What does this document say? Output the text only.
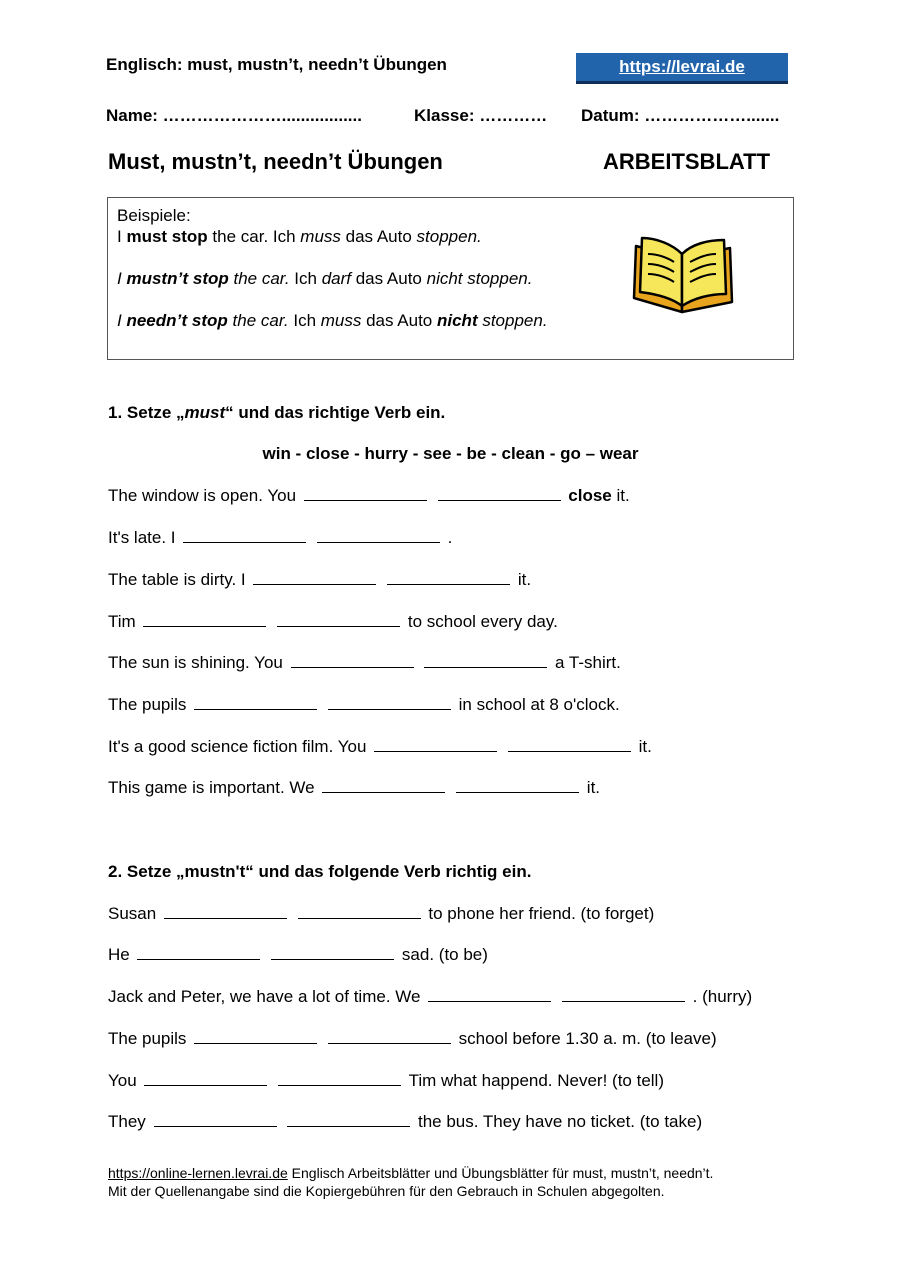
Englisch: must, mustn’t, needn’t Übungen	https://levrai.de
Name: ………………….................	Klasse: ………… Datum: ……………….......
Must, mustn’t, needn’t Übungen	ARBEITSBLATT
Beispiele:
I must stop the car. Ich muss das Auto stoppen.
I mustn’t stop the car. Ich darf das Auto nicht stoppen.
I needn’t stop the car. Ich muss das Auto nicht stoppen.
1. Setze „must“ und das richtige Verb ein.
win - close - hurry - see - be - clean - go – wear
The window is open. You	close it.
It's late. I	.
The table is dirty. I	it.
Tim	to school every day.
The sun is shining. You	a T-shirt.
The pupils	in school at 8 o'clock.
It's a good science fiction film. You	it.
This game is important. We	it.
2. Setze „mustn't“ und das folgende Verb richtig ein.
Susan	to phone her friend. (to forget)
He	sad. (to be)
Jack and Peter, we have a lot of time. We	. (hurry)
The pupils	school before 1.30 a. m. (to leave)
You	Tim what happend. Never! (to tell)
They	the bus. They have no ticket. (to take)
https://online-lernen.levrai.de Englisch Arbeitsblätter und Übungsblätter für must, mustn’t, needn’t.
Mit der Quellenangabe sind die Kopiergebühren für den Gebrauch in Schulen abgegolten.
